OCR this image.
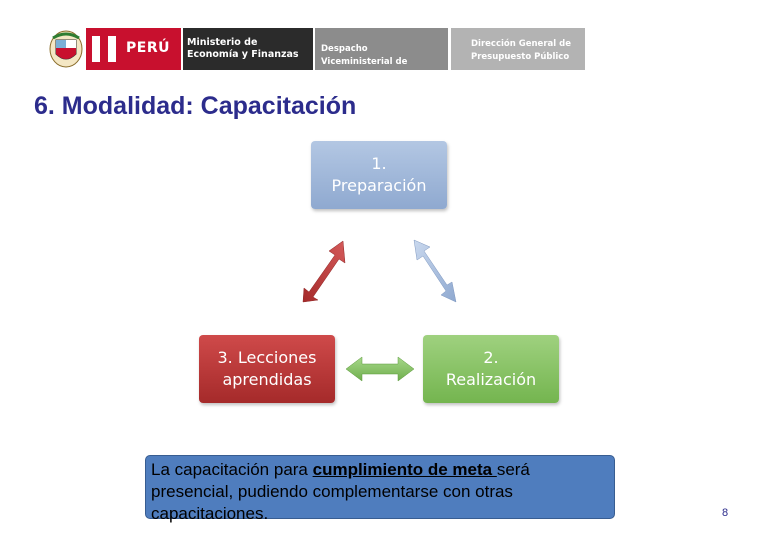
PERÚ Ministerio de
Economía y Finanzas	Despacho
Viceministerial de Hacienda
Dirección General de
Presupuesto Público
6. Modalidad: Capacitación
1.
Preparación
2.
Realización
3. Lecciones
aprendidas

La capacitación para cumplimiento de meta será presencial, pudiendo complementarse con otras capacitaciones.	8
